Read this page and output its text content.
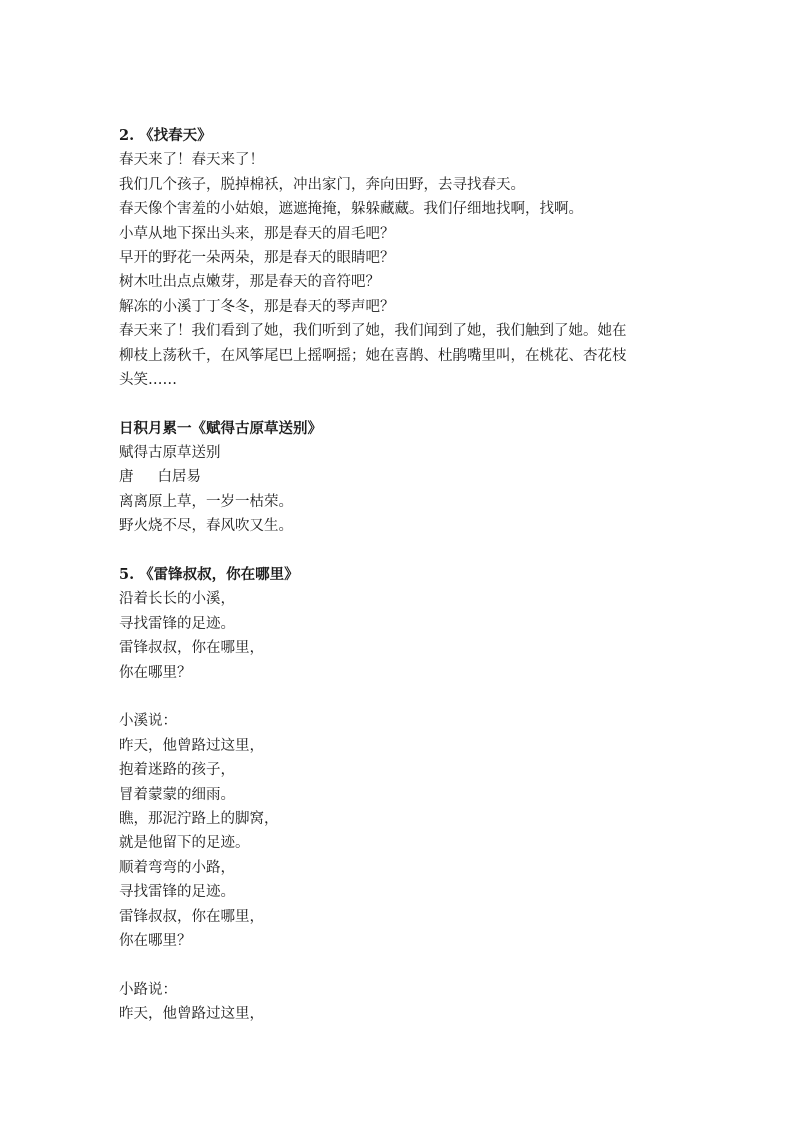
2. 《找春天》
春天来了！春天来了！
我们几个孩子，脱掉棉袄，冲出家门，奔向田野，去寻找春天。
春天像个害羞的小姑娘，遮遮掩掩，躲躲藏藏。我们仔细地找啊，找啊。
小草从地下探出头来，那是春天的眉毛吧？
早开的野花一朵两朵，那是春天的眼睛吧？
树木吐出点点嫩芽，那是春天的音符吧？
解冻的小溪丁丁冬冬，那是春天的琴声吧？
春天来了！我们看到了她，我们听到了她，我们闻到了她，我们触到了她。她在
柳枝上荡秋千，在风筝尾巴上摇啊摇；她在喜鹊、杜鹃嘴里叫，在桃花、杏花枝
头笑……
日积月累一《赋得古原草送别》
赋得古原草送别
唐 白居易
离离原上草，一岁一枯荣。
野火烧不尽，春风吹又生。
5. 《雷锋叔叔，你在哪里》
沿着长长的小溪，
寻找雷锋的足迹。
雷锋叔叔，你在哪里，
你在哪里？
小溪说：
昨天，他曾路过这里，
抱着迷路的孩子，
冒着蒙蒙的细雨。
瞧，那泥泞路上的脚窝，
就是他留下的足迹。
顺着弯弯的小路，
寻找雷锋的足迹。
雷锋叔叔，你在哪里，
你在哪里？
小路说：
昨天，他曾路过这里，
